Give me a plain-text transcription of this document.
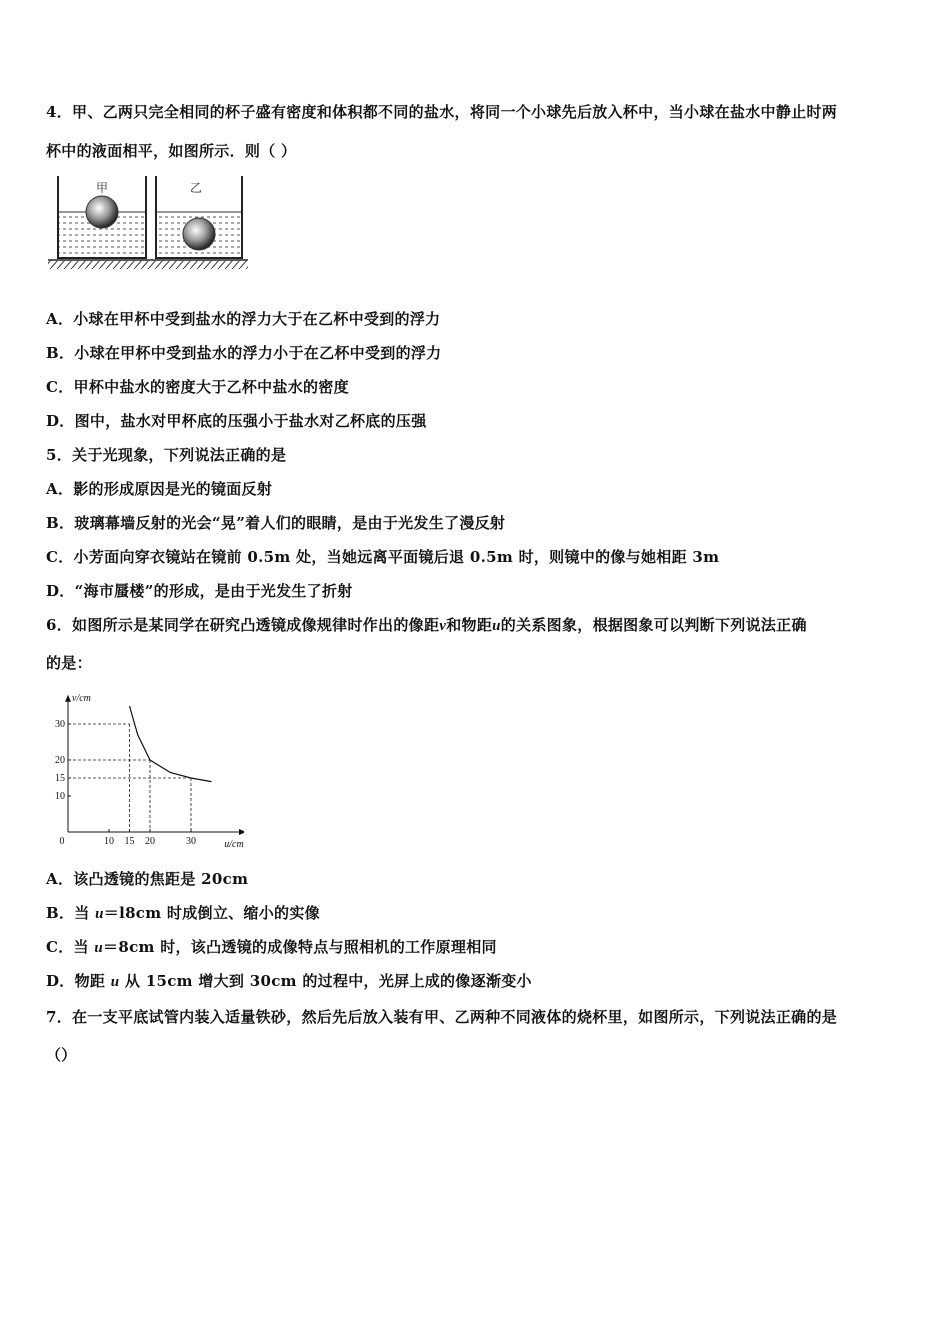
4．甲、乙两只完全相同的杯子盛有密度和体积都不同的盐水，将同一个小球先后放入杯中，当小球在盐水中静止时两
杯中的液面相平，如图所示．则（ ）
甲	乙
A．小球在甲杯中受到盐水的浮力大于在乙杯中受到的浮力
B．小球在甲杯中受到盐水的浮力小于在乙杯中受到的浮力
C．甲杯中盐水的密度大于乙杯中盐水的密度
D．图中，盐水对甲杯底的压强小于盐水对乙杯底的压强
5．关于光现象，下列说法正确的是
A．影的形成原因是光的镜面反射
B．玻璃幕墙反射的光会“晃”着人们的眼睛，是由于光发生了漫反射
C．小芳面向穿衣镜站在镜前 0.5m 处，当她远离平面镜后退 0.5m 时，则镜中的像与她相距 3m
D．“海市蜃楼”的形成，是由于光发生了折射
6．如图所示是某同学在研究凸透镜成像规律时作出的像距v和物距u的关系图象，根据图象可以判断下列说法正确
的是：
0	10 15 20	30
10
15
20
30
u/cm
v/cm
A．该凸透镜的焦距是 20cm
B．当 u＝l8cm 时成倒立、缩小的实像
C．当 u＝8cm 时，该凸透镜的成像特点与照相机的工作原理相同
D．物距 u 从 15cm 增大到 30cm 的过程中，光屏上成的像逐渐变小
7．在一支平底试管内装入适量铁砂，然后先后放入装有甲、乙两种不同液体的烧杯里，如图所示，下列说法正确的是
（）
